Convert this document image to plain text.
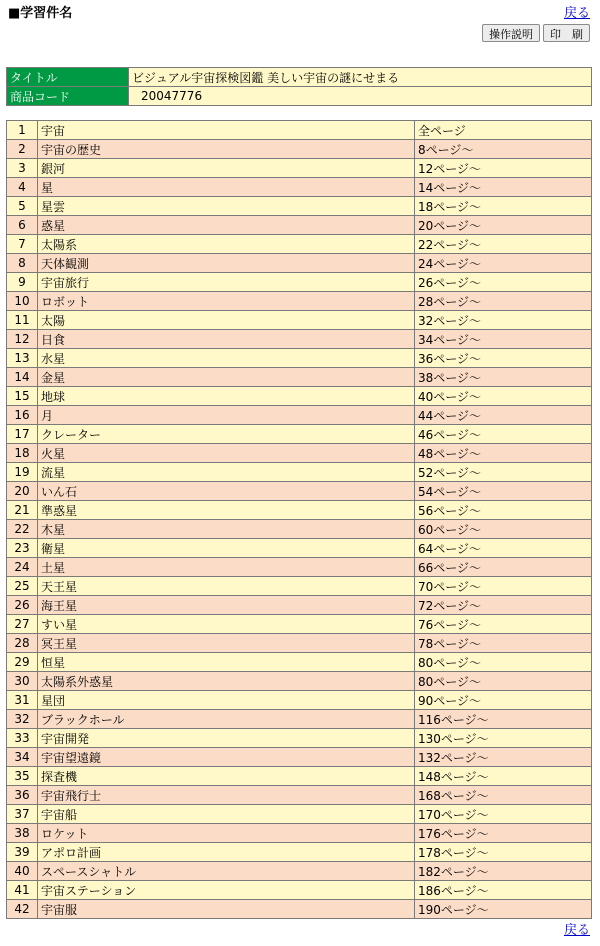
■学習件名	戻る
操作説明	印　刷
タイトル	ビジュアル宇宙探検図鑑 美しい宇宙の謎にせまる
商品コード	20047776
1	宇宙	全ページ
2	宇宙の歴史	8ページ～
3	銀河	12ページ～
4	星	14ページ～
5	星雲	18ページ～
6	惑星	20ページ～
7	太陽系	22ページ～
8	天体観測	24ページ～
9	宇宙旅行	26ページ～
10	ロボット	28ページ～
11	太陽	32ページ～
12	日食	34ページ～
13	水星	36ページ～
14	金星	38ページ～
15	地球	40ページ～
16	月	44ページ～
17	クレーター	46ページ～
18	火星	48ページ～
19	流星	52ページ～
20	いん石	54ページ～
21	準惑星	56ページ～
22	木星	60ページ～
23	衛星	64ページ～
24	土星	66ページ～
25	天王星	70ページ～
26	海王星	72ページ～
27	すい星	76ページ～
28	冥王星	78ページ～
29	恒星	80ページ～
30	太陽系外惑星	80ページ～
31	星団	90ページ～
32	ブラックホール	116ページ～
33	宇宙開発	130ページ～
34	宇宙望遠鏡	132ページ～
35	探査機	148ページ～
36	宇宙飛行士	168ページ～
37	宇宙船	170ページ～
38	ロケット	176ページ～
39	アポロ計画	178ページ～
40	スペースシャトル	182ページ～
41	宇宙ステーション	186ページ～
42	宇宙服	190ページ～
戻る
